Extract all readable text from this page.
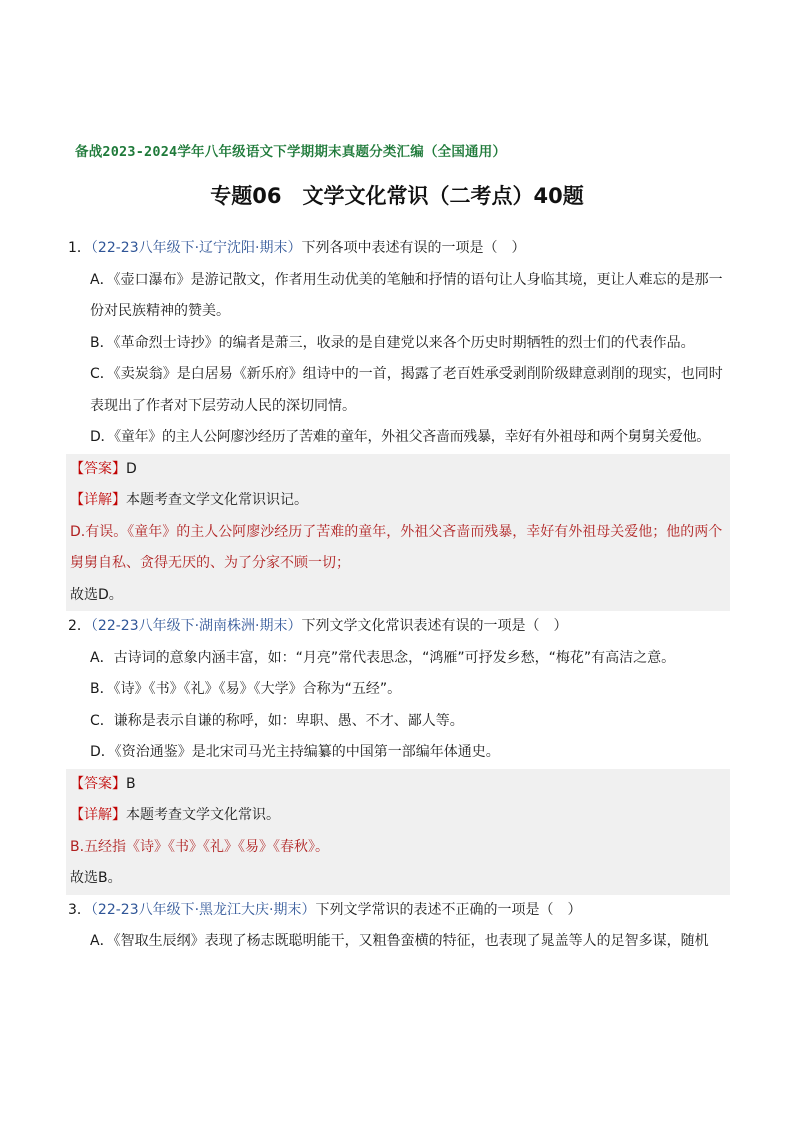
备战2023-2024学年八年级语文下学期期末真题分类汇编（全国通用）
专题06　文学文化常识（二考点）40题
1．（22-23八年级下·辽宁沈阳·期末）下列各项中表述有误的一项是（　）
A．《壶口瀑布》是游记散文，作者用生动优美的笔触和抒情的语句让人身临其境，更让人难忘的是那一份对民族精神的赞美。
B．《革命烈士诗抄》的编者是萧三，收录的是自建党以来各个历史时期牺牲的烈士们的代表作品。
C．《卖炭翁》是白居易《新乐府》组诗中的一首，揭露了老百姓承受剥削阶级肆意剥削的现实，也同时表现出了作者对下层劳动人民的深切同情。
D．《童年》的主人公阿廖沙经历了苦难的童年，外祖父吝啬而残暴，幸好有外祖母和两个舅舅关爱他。
【答案】D
【详解】本题考查文学文化常识识记。
D.有误。《童年》的主人公阿廖沙经历了苦难的童年，外祖父吝啬而残暴，幸好有外祖母关爱他；他的两个舅舅自私、贪得无厌的、为了分家不顾一切；
故选D。
2．（22-23八年级下·湖南株洲·期末）下列文学文化常识表述有误的一项是（　）
A．古诗词的意象内涵丰富，如：“月亮”常代表思念，“鸿雁”可抒发乡愁，“梅花”有高洁之意。
B．《诗》《书》《礼》《易》《大学》合称为“五经”。
C．谦称是表示自谦的称呼，如：卑职、愚、不才、鄙人等。
D．《资治通鉴》是北宋司马光主持编纂的中国第一部编年体通史。
【答案】B
【详解】本题考查文学文化常识。
B.五经指《诗》《书》《礼》《易》《春秋》。
故选B。
3．（22-23八年级下·黑龙江大庆·期末）下列文学常识的表述不正确的一项是（　）
A．《智取生辰纲》表现了杨志既聪明能干，又粗鲁蛮横的特征，也表现了晁盖等人的足智多谋，随机
